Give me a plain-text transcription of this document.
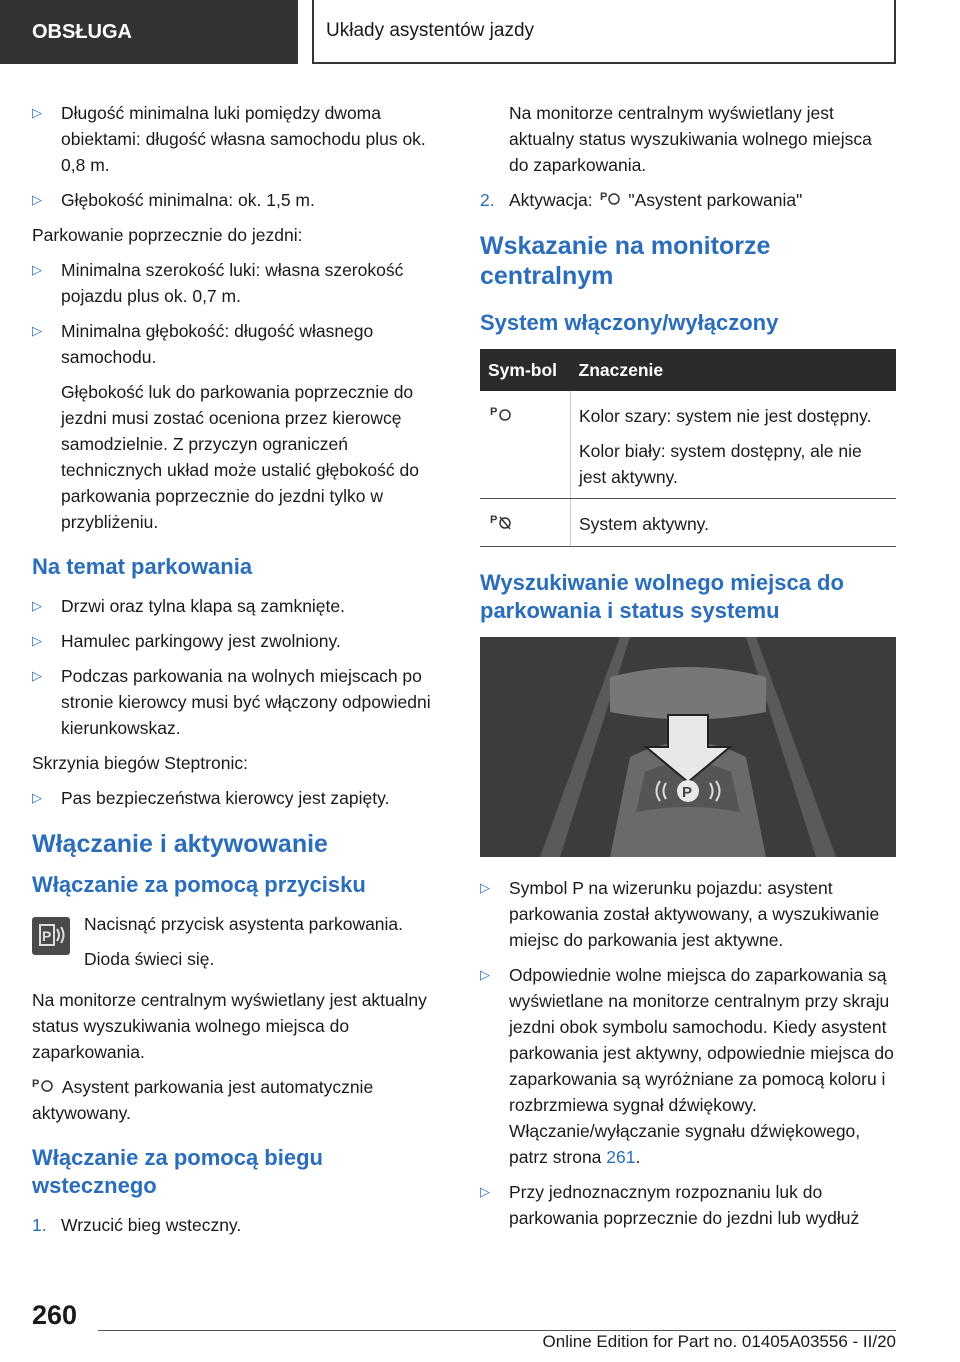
OBSŁUGA	Układy asystentów jazdy
▷ Długość minimalna luki pomiędzy dwoma obiektami: długość własna samochodu plus ok. 0,8 m.
▷ Głębokość minimalna: ok. 1,5 m.

Parkowanie poprzecznie do jezdni:

▷ Minimalna szerokość luki: własna szerokość pojazdu plus ok. 0,7 m.
▷ Minimalna głębokość: długość własnego samochodu.

Głębokość luk do parkowania poprzecznie do jezdni musi zostać oceniona przez kierowcę samodzielnie. Z przyczyn ograniczeń technicznych układ może ustalić głębokość do parkowania poprzecznie do jezdni tylko w przybliżeniu.

Na temat parkowania
▷ Drzwi oraz tylna klapa są zamknięte.
▷ Hamulec parkingowy jest zwolniony.
▷ Podczas parkowania na wolnych miejscach po stronie kierowcy musi być włączony odpowiedni kierunkowskaz.

Skrzynia biegów Steptronic:

▷ Pas bezpieczeństwa kierowcy jest zapięty.
Włączanie i aktywowanie
Włączanie za pomocą przycisku
P

Nacisnąć przycisk asystenta parkowania.

Dioda świeci się.

Na monitorze centralnym wyświetlany jest aktualny status wyszukiwania wolnego miejsca do zaparkowania.

P Asystent parkowania jest automatycznie aktywowany.

Włączanie za pomocą biegu wstecznego
1. Wrzucić bieg wsteczny.

Na monitorze centralnym wyświetlany jest aktualny status wyszukiwania wolnego miejsca do zaparkowania.

2. Aktywacja: P "Asystent parkowania"
Wskazanie na monitorze centralnym
System włączony/wyłączony
Sym-bol	Znaczenie

P	Kolor szary: system nie jest dostępny.

Kolor biały: system dostępny, ale nie jest aktywny.

P	System aktywny.
Wyszukiwanie wolnego miejsca do parkowania i status systemu
P
▷ Symbol P na wizerunku pojazdu: asystent parkowania został aktywowany, a wyszukiwanie miejsc do parkowania jest aktywne.
▷ Odpowiednie wolne miejsca do zaparkowania są wyświetlane na monitorze centralnym przy skraju jezdni obok symbolu samochodu. Kiedy asystent parkowania jest aktywny, odpowiednie miejsca do zaparkowania są wyróżniane za pomocą koloru i rozbrzmiewa sygnał dźwiękowy. Włączanie/wyłączanie sygnału dźwiękowego, patrz strona 261.
▷ Przy jednoznacznym rozpoznaniu luk do parkowania poprzecznie do jezdni lub wydłuż
260
Online Edition for Part no. 01405A03556 - II/20
